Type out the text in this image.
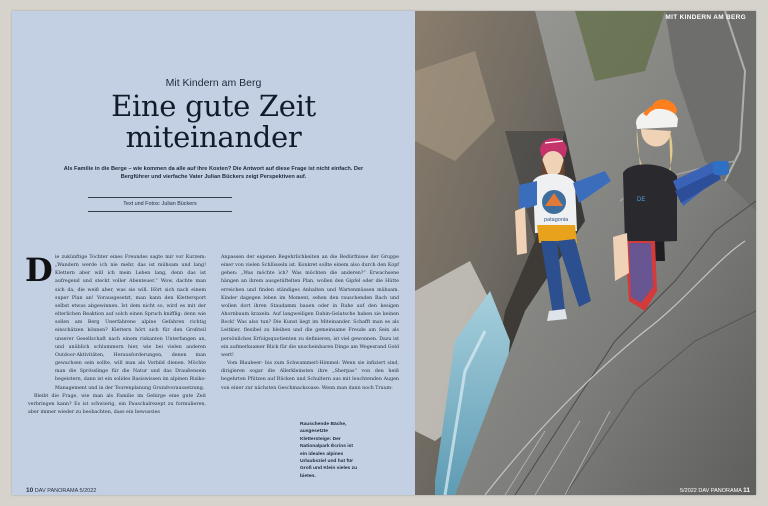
Mit Kindern am Berg
Eine gute Zeit
miteinander
Als Familie in die Berge – wie kommen da alle auf ihre Kosten? Die Antwort auf diese Frage ist nicht einfach. Der Bergführer und vierfache Vater Julian Bückers zeigt Perspektiven auf.
Text und Fotos: Julian Bückers
D ie zukünftige Tochter eines Freundes sagte mir vor Kurzem: „Wandern werde ich nie mehr, das ist mühsam und lang! Klettern aber will ich mein Leben lang, denn das ist aufregend und steckt voller Abenteuer.“ Wow, dachte man sich da, die weiß aber, was sie will. Hört sich nach einem super Plan an! Vorausgesetzt, man kann den Klettersport selbst etwas abgewinnen. Ist dem nicht so, wird es mit der elterlichen Reaktion auf solch einen Spruch knifflig: denn wie sollen am Berg Unerfahrene alpine Gefahren richtig einschätzen können? Klettern hört sich für den Großteil unserer Gesellschaft nach einem riskanten Unterfangen an, und unüblich schlummern hier, wie bei vielen anderen Outdoor-Aktivitäten, Herausforderungen, denen man gewachsen sein sollte, will man als Vorbild dienen. Möchte man die Sprösslinge für die Natur und das Draußensein begeistern, dann ist ein solides Basiswissen im alpinen Risiko-Management und in der Tourenplanung Grundvoraussetzung.

Bleibt die Frage, wie man als Familie im Gebirge eine gute Zeit verbringen kann? Es ist schwierig, ein Pauschalrezept zu formulieren, aber immer wieder zu beobachten, dass ein bewusstes

Anpassen der eigenen Begehrlichkeiten an die Bedürfnisse der Gruppe einer von vielen Schlüsseln ist. Konkret sollte einem also durch den Kopf gehen: „Was möchte ich? Was möchten die anderen?“ Erwachsene hängen an ihrem ausgetüftelten Plan, wollen den Gipfel oder die Hütte erreichen und finden ständiges Anhalten und Wartenmüssen mühsam. Kinder dagegen leben im Moment, sehen den rauschenden Bach und wollen dort ihren Staudamm bauen oder in Ruhe auf den kesigen Ahornbaum kraxeln. Auf langweiligen Dahin-Gelatsche haben sie keinen Bock! Was also tun? Die Kunst liegt im Miteinander. Schafft man es als Leitkier, flexibel zu bleiben und die gemeinsame Freude am Sein als persönliches Erfolgsquotienten zu definieren, ist viel gewonnen. Dazu ist ein aufmerksamer Blick für die unscheinbaren Dinge am Wegesrand Gold wert!

Vom Blaubeer- bis zum Schwammerl-Himmel: Wenn sie infiziert sind, dirigieren sogar die Allerkleinsten ihre „Sherpas“ von den heiß begehrten Pfützen auf Rücken und Schultern aus mit leuchtenden Augen von einer zur nächsten Geschmacksoase. Wenn man dann noch Traum-

10 DAV PANORAMA 5/2022
DE
patagonia
MIT KINDERN AM BERG
Rauschende Bäche, ausgesetzte Klettersteige: Der Nationalpark Écrins ist ein ideales alpines Urlaubsziel und hat für Groß und Klein vieles zu bieten.
5/2022 DAV PANORAMA 11
